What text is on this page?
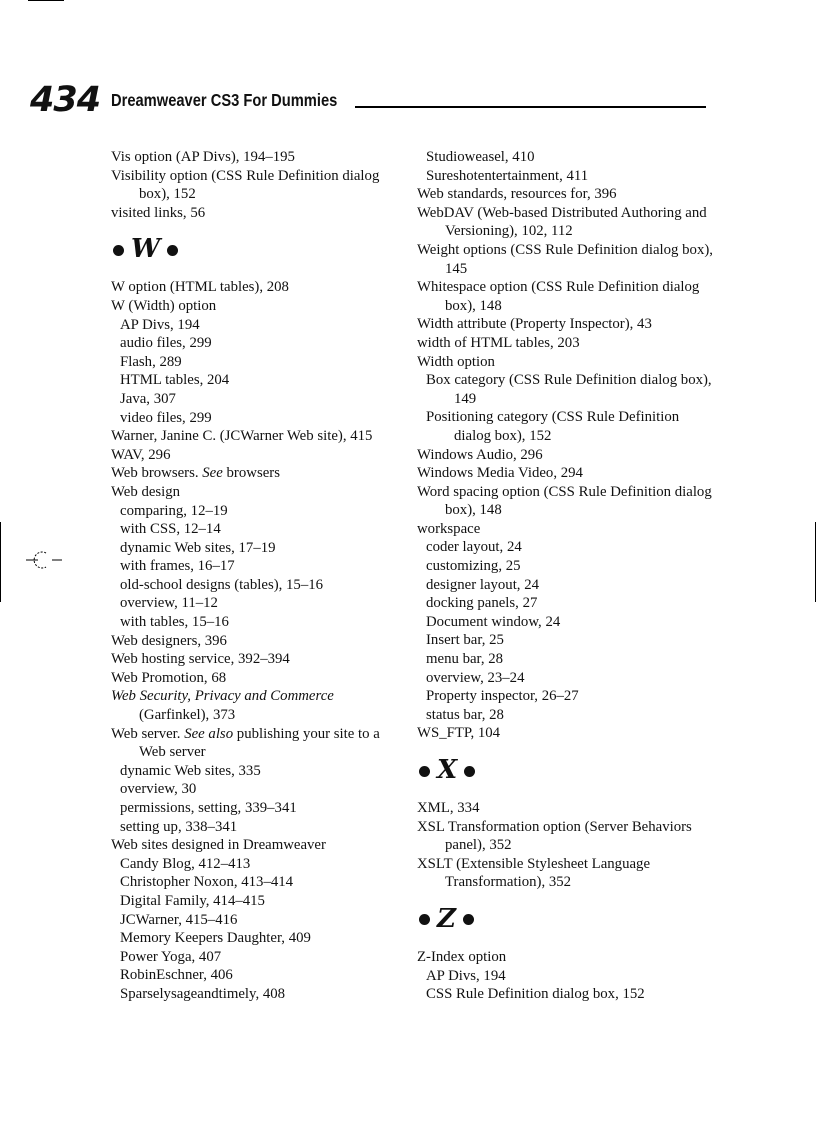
434 Dreamweaver CS3 For Dummies
Vis option (AP Divs), 194–195
Visibility option (CSS Rule Definition dialog box), 152
visited links, 56
W
W option (HTML tables), 208
W (Width) option
AP Divs, 194
audio files, 299
Flash, 289
HTML tables, 204
Java, 307
video files, 299
Warner, Janine C. (JCWarner Web site), 415
WAV, 296
Web browsers. See browsers
Web design
comparing, 12–19
with CSS, 12–14
dynamic Web sites, 17–19
with frames, 16–17
old-school designs (tables), 15–16
overview, 11–12
with tables, 15–16
Web designers, 396
Web hosting service, 392–394
Web Promotion, 68
Web Security, Privacy and Commerce (Garfinkel), 373
Web server. See also publishing your site to a Web server
dynamic Web sites, 335
overview, 30
permissions, setting, 339–341
setting up, 338–341
Web sites designed in Dreamweaver
Candy Blog, 412–413
Christopher Noxon, 413–414
Digital Family, 414–415
JCWarner, 415–416
Memory Keepers Daughter, 409
Power Yoga, 407
RobinEschner, 406
Sparselysageandtimely, 408
Studioweasel, 410
Sureshotentertainment, 411
Web standards, resources for, 396
WebDAV (Web-based Distributed Authoring and Versioning), 102, 112
Weight options (CSS Rule Definition dialog box), 145
Whitespace option (CSS Rule Definition dialog box), 148
Width attribute (Property Inspector), 43
width of HTML tables, 203
Width option
Box category (CSS Rule Definition dialog box), 149
Positioning category (CSS Rule Definition dialog box), 152
Windows Audio, 296
Windows Media Video, 294
Word spacing option (CSS Rule Definition dialog box), 148
workspace
coder layout, 24
customizing, 25
designer layout, 24
docking panels, 27
Document window, 24
Insert bar, 25
menu bar, 28
overview, 23–24
Property inspector, 26–27
status bar, 28
WS_FTP, 104
X
XML, 334
XSL Transformation option (Server Behaviors panel), 352
XSLT (Extensible Stylesheet Language Transformation), 352
Z
Z-Index option
AP Divs, 194
CSS Rule Definition dialog box, 152
